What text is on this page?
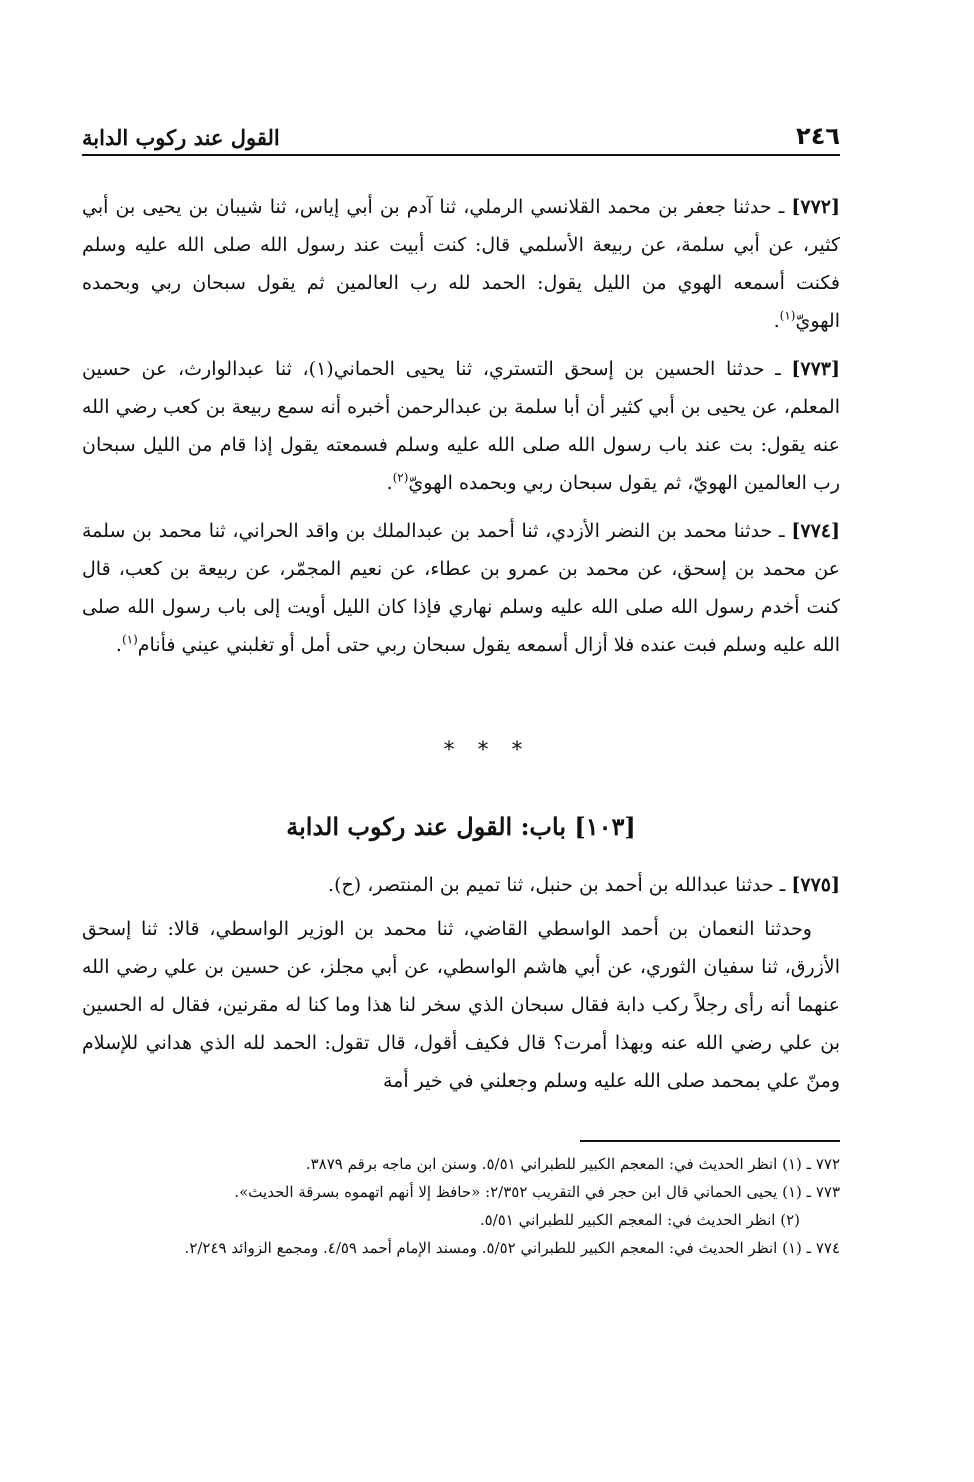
٢٤٦
القول عند ركوب الدابة

[٧٧٢] ـ حدثنا جعفر بن محمد القلانسي الرملي، ثنا آدم بن أبي إياس، ثنا شيبان بن يحيى بن أبي كثير، عن أبي سلمة، عن ربيعة الأسلمي قال: كنت أبيت عند رسول الله صلى الله عليه وسلم فكنت أسمعه الهوي من الليل يقول: الحمد لله رب العالمين ثم يقول سبحان ربي وبحمده الهويّ$^{(١)}$.

[٧٧٣] ـ حدثنا الحسين بن إسحق التستري، ثنا يحيى الحماني(١)، ثنا عبدالوارث، عن حسين المعلم، عن يحيى بن أبي كثير أن أبا سلمة بن عبدالرحمن أخبره أنه سمع ربيعة بن كعب رضي الله عنه يقول: بت عند باب رسول الله صلى الله عليه وسلم فسمعته يقول إذا قام من الليل سبحان رب العالمين الهويّ، ثم يقول سبحان ربي وبحمده الهويّ$^{(٢)}$.

[٧٧٤] ـ حدثنا محمد بن النضر الأزدي، ثنا أحمد بن عبدالملك بن واقد الحراني، ثنا محمد بن سلمة عن محمد بن إسحق، عن محمد بن عمرو بن عطاء، عن نعيم المجمّر، عن ربيعة بن كعب، قال كنت أخدم رسول الله صلى الله عليه وسلم نهاري فإذا كان الليل أويت إلى باب رسول الله صلى الله عليه وسلم فبت عنده فلا أزال أسمعه يقول سبحان ربي حتى أمل أو تغلبني عيني فأنام$^{(١)}$.

* * *
[١٠٣] باب: القول عند ركوب الدابة

[٧٧٥] ـ حدثنا عبدالله بن أحمد بن حنبل، ثنا تميم بن المنتصر، (ح).

وحدثنا النعمان بن أحمد الواسطي القاضي، ثنا محمد بن الوزير الواسطي، قالا: ثنا إسحق الأزرق، ثنا سفيان الثوري، عن أبي هاشم الواسطي، عن أبي مجلز، عن حسين بن علي رضي الله عنهما أنه رأى رجلاً ركب دابة فقال سبحان الذي سخر لنا هذا وما كنا له مقرنين، فقال له الحسين بن علي رضي الله عنه وبهذا أمرت؟ قال فكيف أقول، قال تقول: الحمد لله الذي هداني للإسلام ومنّ علي بمحمد صلى الله عليه وسلم وجعلني في خير أمة

٧٧٢ ـ (١) انظر الحديث في: المعجم الكبير للطبراني ٥/٥١. وسنن ابن ماجه برقم ٣٨٧٩.

٧٧٣ ـ (١) يحيى الحماني قال ابن حجر في التقريب ٢/٣٥٢: «حافظ إلا أنهم اتهموه بسرقة الحديث».

(٢) انظر الحديث في: المعجم الكبير للطبراني ٥/٥١.

٧٧٤ ـ (١) انظر الحديث في: المعجم الكبير للطبراني ٥/٥٢. ومسند الإمام أحمد ٤/٥٩. ومجمع الزوائد ٢/٢٤٩.
